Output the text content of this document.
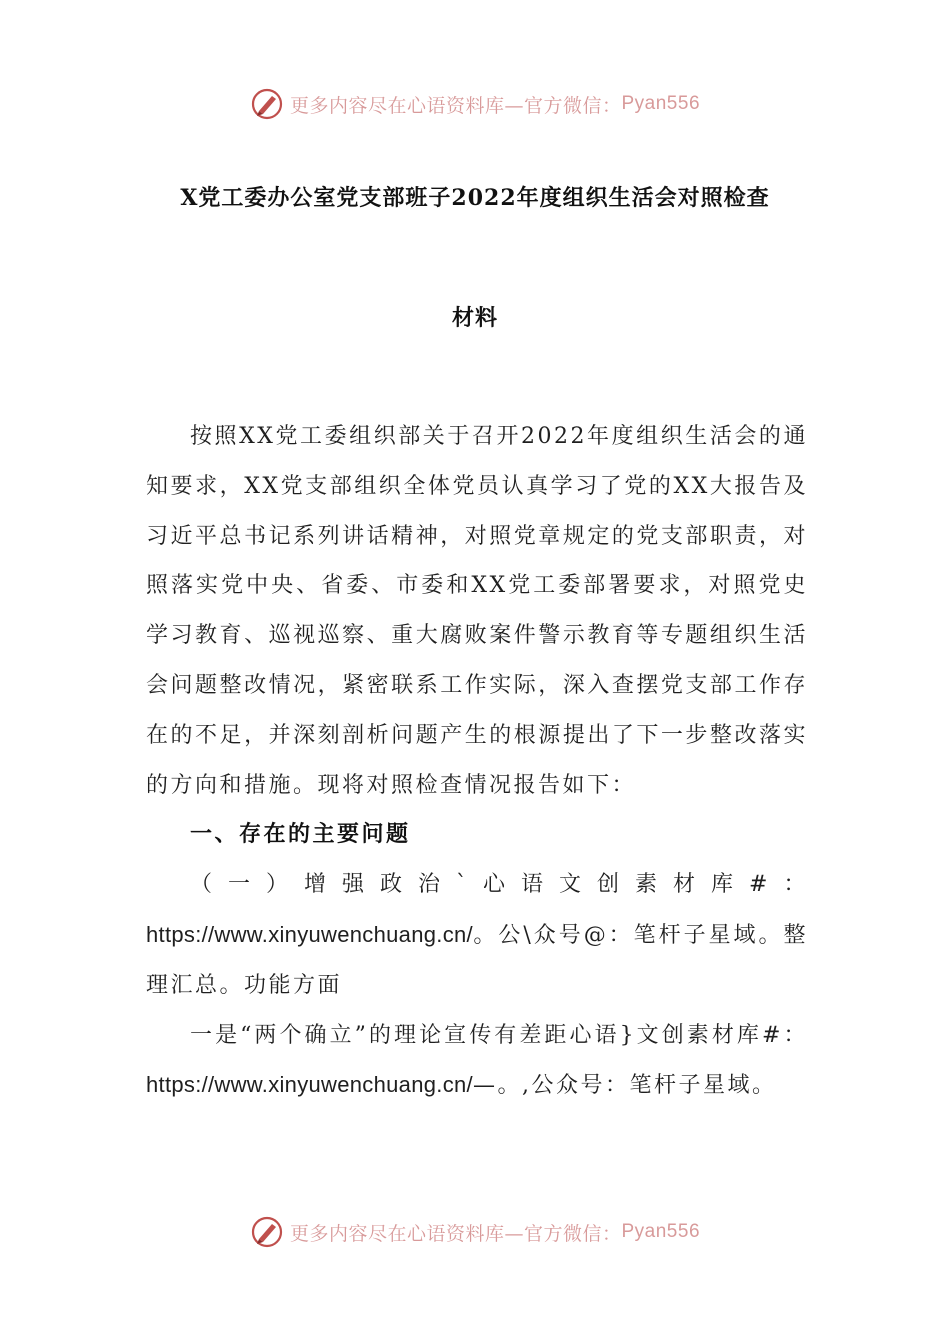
更多内容尽在心语资料库—官方微信： Pyan556
X党工委办公室党支部班子2022年度组织生活会对照检查
材料

按照XX党工委组织部关于召开2022年度组织生活会的通知要求，XX党支部组织全体党员认真学习了党的XX大报告及习近平总书记系列讲话精神，对照党章规定的党支部职责，对照落实党中央、省委、市委和XX党工委部署要求，对照党史学习教育、巡视巡察、重大腐败案件警示教育等专题组织生活会问题整改情况，紧密联系工作实际，深入查摆党支部工作存在的不足，并深刻剖析问题产生的根源提出了下一步整改落实的方向和措施。现将对照检查情况报告如下：

一、存在的主要问题

（一）增强政治`心语文创素材库#：https://www.xinyuwenchuang.cn/。公\众号@：笔杆子星域。整理汇总。功能方面

一是“两个确立”的理论宣传有差距心语}文创素材库#：https://www.xinyuwenchuang.cn/—。,公众号：笔杆子星域。

更多内容尽在心语资料库—官方微信： Pyan556
